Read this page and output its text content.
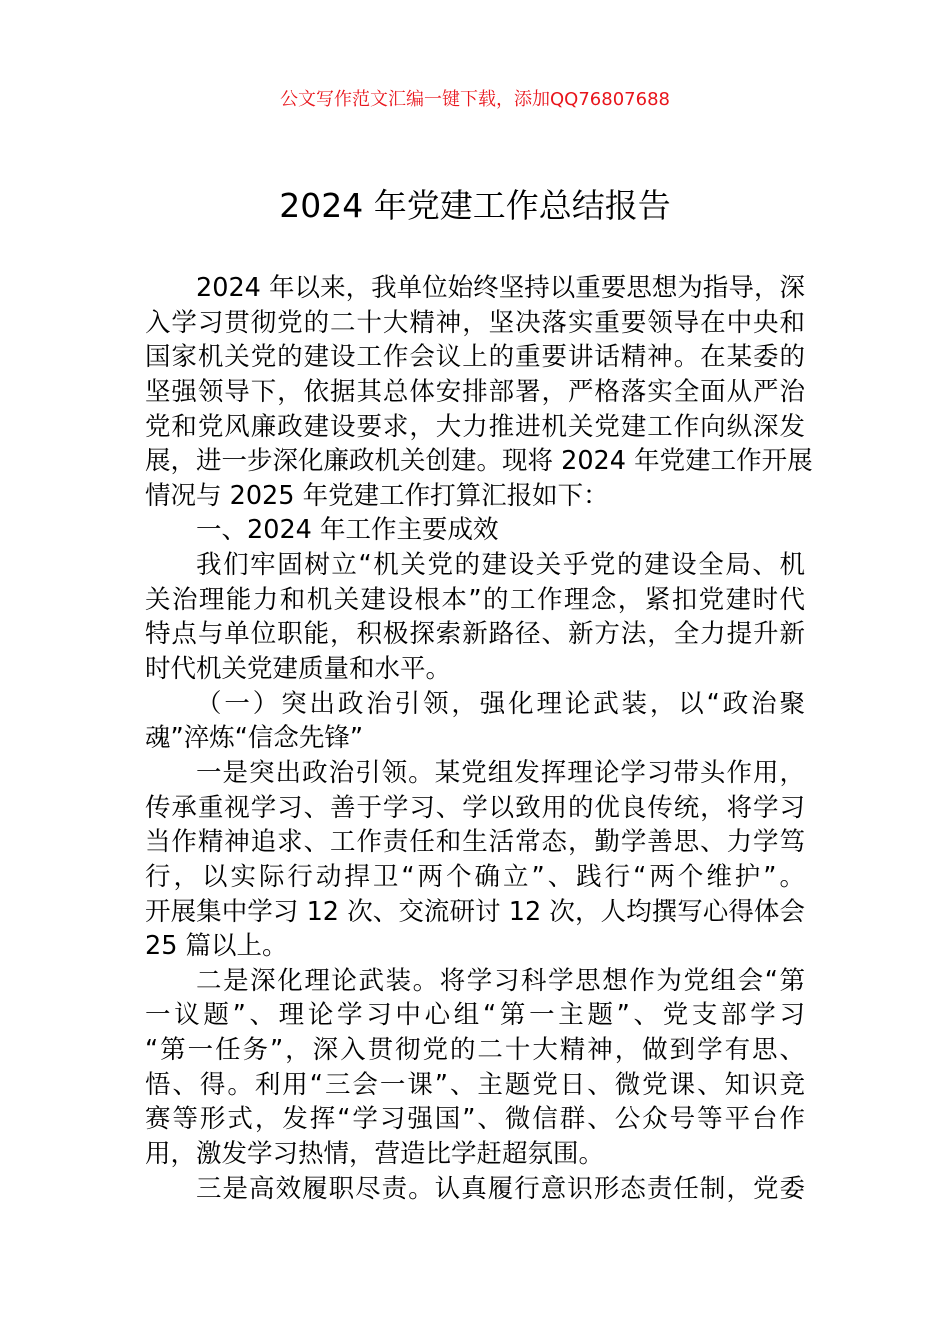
公文写作范文汇编一键下载，添加QQ76807688
2024 年党建工作总结报告
2024 年以来，我单位始终坚持以重要思想为指导，深
入学习贯彻党的二十大精神，坚决落实重要领导在中央和
国家机关党的建设工作会议上的重要讲话精神。在某委的
坚强领导下，依据其总体安排部署，严格落实全面从严治
党和党风廉政建设要求，大力推进机关党建工作向纵深发
展，进一步深化廉政机关创建。现将 2024 年党建工作开展
情况与 2025 年党建工作打算汇报如下：
一、2024 年工作主要成效
我们牢固树立“机关党的建设关乎党的建设全局、机
关治理能力和机关建设根本”的工作理念，紧扣党建时代
特点与单位职能，积极探索新路径、新方法，全力提升新
时代机关党建质量和水平。
（一）突出政治引领，强化理论武装，以“政治聚
魂”淬炼“信念先锋”
一是突出政治引领。某党组发挥理论学习带头作用，
传承重视学习、善于学习、学以致用的优良传统，将学习
当作精神追求、工作责任和生活常态，勤学善思、力学笃
行，以实际行动捍卫“两个确立”、践行“两个维护”。
开展集中学习 12 次、交流研讨 12 次，人均撰写心得体会
25 篇以上。
二是深化理论武装。将学习科学思想作为党组会“第
一议题”、理论学习中心组“第一主题”、党支部学习
“第一任务”，深入贯彻党的二十大精神，做到学有思、
悟、得。利用“三会一课”、主题党日、微党课、知识竞
赛等形式，发挥“学习强国”、微信群、公众号等平台作
用，激发学习热情，营造比学赶超氛围。
三是高效履职尽责。认真履行意识形态责任制，党委
